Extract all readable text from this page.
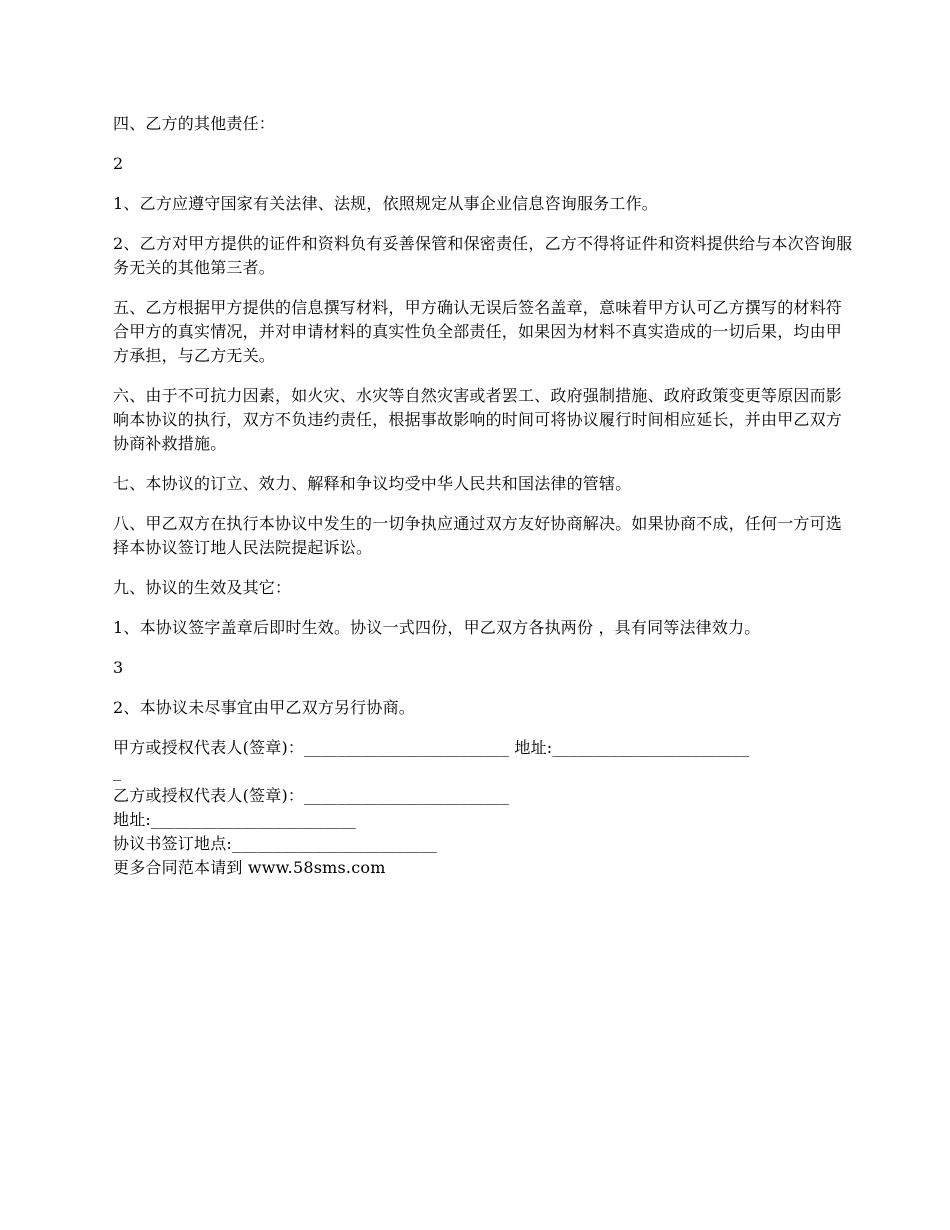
四、乙方的其他责任：

2

1、乙方应遵守国家有关法律、法规，依照规定从事企业信息咨询服务工作。

2、乙方对甲方提供的证件和资料负有妥善保管和保密责任，乙方不得将证件和资料提供给与本次咨询服务无关的其他第三者。

五、乙方根据甲方提供的信息撰写材料，甲方确认无误后签名盖章，意味着甲方认可乙方撰写的材料符合甲方的真实情况，并对申请材料的真实性负全部责任，如果因为材料不真实造成的一切后果，均由甲方承担，与乙方无关。

六、由于不可抗力因素，如火灾、水灾等自然灾害或者罢工、政府强制措施、政府政策变更等原因而影响本协议的执行，双方不负违约责任，根据事故影响的时间可将协议履行时间相应延长，并由甲乙双方协商补救措施。

七、本协议的订立、效力、解释和争议均受中华人民共和国法律的管辖。

八、甲乙双方在执行本协议中发生的一切争执应通过双方友好协商解决。如果协商不成，任何一方可选择本协议签订地人民法院提起诉讼。

九、协议的生效及其它：

1、本协议签字盖章后即时生效。协议一式四份，甲乙双方各执两份 ，具有同等法律效力。

3

2、本协议未尽事宜由甲乙双方另行协商。

甲方或授权代表人(签章)：_________________________ 地址:________________________

_

乙方或授权代表人(签章)：_________________________

地址:_________________________

协议书签订地点:_________________________

更多合同范本请到 www.58sms.com
